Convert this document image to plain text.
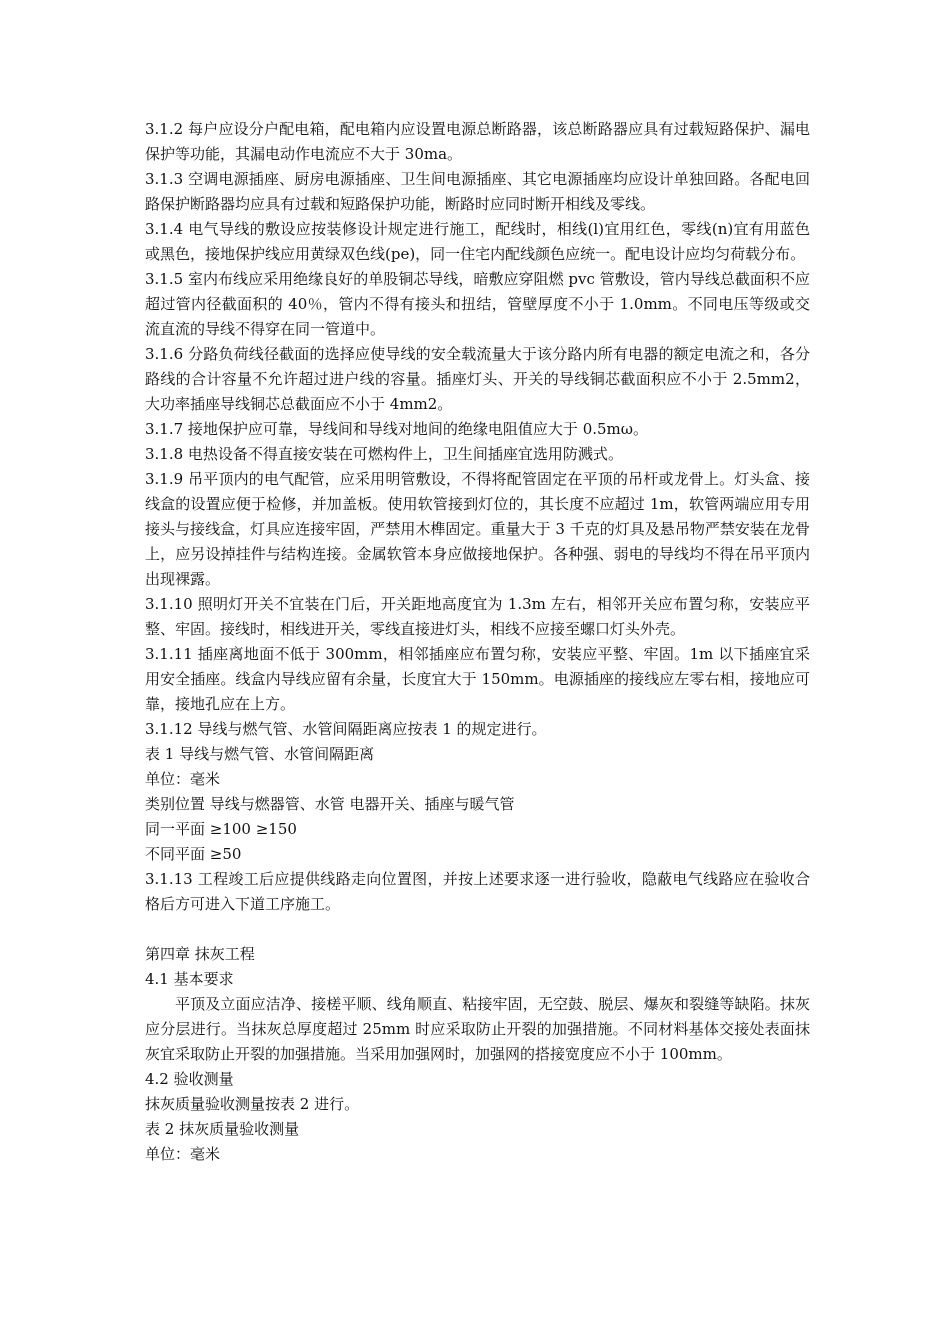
3.1.2 每户应设分户配电箱，配电箱内应设置电源总断路器，该总断路器应具有过载短路保护、漏电保护等功能，其漏电动作电流应不大于 30ma。

3.1.3 空调电源插座、厨房电源插座、卫生间电源插座、其它电源插座均应设计单独回路。各配电回路保护断路器均应具有过载和短路保护功能，断路时应同时断开相线及零线。

3.1.4 电气导线的敷设应按装修设计规定进行施工，配线时，相线(l)宜用红色，零线(n)宜有用蓝色或黑色，接地保护线应用黄绿双色线(pe)，同一住宅内配线颜色应统一。配电设计应均匀荷载分布。

3.1.5 室内布线应采用绝缘良好的单股铜芯导线，暗敷应穿阻燃 pvc 管敷设，管内导线总截面积不应超过管内径截面积的 40％，管内不得有接头和扭结，管壁厚度不小于 1.0mm。不同电压等级或交流直流的导线不得穿在同一管道中。

3.1.6 分路负荷线径截面的选择应使导线的安全载流量大于该分路内所有电器的额定电流之和，各分路线的合计容量不允许超过进户线的容量。插座灯头、开关的导线铜芯截面积应不小于 2.5mm2，大功率插座导线铜芯总截面应不小于 4mm2。

3.1.7 接地保护应可靠，导线间和导线对地间的绝缘电阻值应大于 0.5mω。

3.1.8 电热设备不得直接安装在可燃构件上，卫生间插座宜选用防溅式。

3.1.9 吊平顶内的电气配管，应采用明管敷设，不得将配管固定在平顶的吊杆或龙骨上。灯头盒、接线盒的设置应便于检修，并加盖板。使用软管接到灯位的，其长度不应超过 1m，软管两端应用专用接头与接线盒，灯具应连接牢固，严禁用木榫固定。重量大于 3 千克的灯具及悬吊物严禁安装在龙骨上，应另设掉挂件与结构连接。金属软管本身应做接地保护。各种强、弱电的导线均不得在吊平顶内出现裸露。

3.1.10 照明灯开关不宜装在门后，开关距地高度宜为 1.3m 左右，相邻开关应布置匀称，安装应平整、牢固。接线时，相线进开关，零线直接进灯头，相线不应接至螺口灯头外壳。

3.1.11 插座离地面不低于 300mm，相邻插座应布置匀称，安装应平整、牢固。1m 以下插座宜采用安全插座。线盒内导线应留有余量，长度宜大于 150mm。电源插座的接线应左零右相，接地应可靠，接地孔应在上方。

3.1.12 导线与燃气管、水管间隔距离应按表 1 的规定进行。

表 1 导线与燃气管、水管间隔距离

单位：毫米

类别位置 导线与燃器管、水管 电器开关、插座与暖气管

同一平面 ≥100 ≥150

不同平面 ≥50

3.1.13 工程竣工后应提供线路走向位置图，并按上述要求逐一进行验收，隐蔽电气线路应在验收合格后方可进入下道工序施工。

第四章 抹灰工程

4.1 基本要求

平顶及立面应洁净、接槎平顺、线角顺直、粘接牢固，无空鼓、脱层、爆灰和裂缝等缺陷。抹灰应分层进行。当抹灰总厚度超过 25mm 时应采取防止开裂的加强措施。不同材料基体交接处表面抹灰宜采取防止开裂的加强措施。当采用加强网时，加强网的搭接宽度应不小于 100mm。

4.2 验收测量

抹灰质量验收测量按表 2 进行。

表 2 抹灰质量验收测量

单位：毫米
